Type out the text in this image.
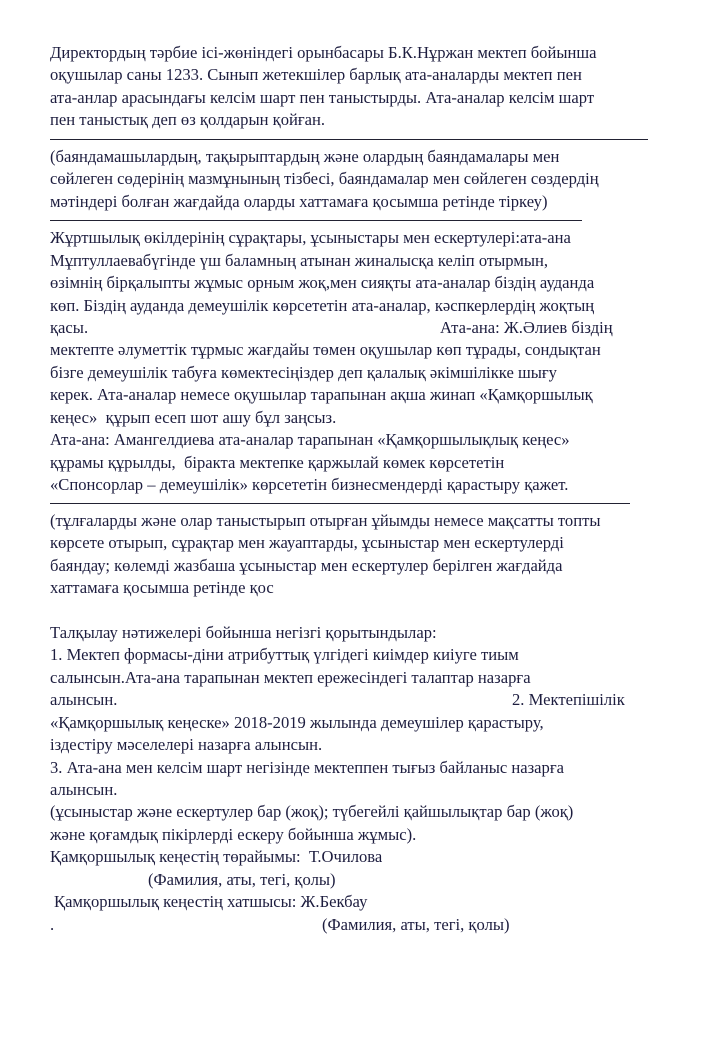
Директордың тәрбие ісі-жөніндегі орынбасары Б.К.Нұржан мектеп бойынша
оқушылар саны 1233. Сынып жетекшілер барлық ата-аналарды мектеп пен
ата-анлар арасындағы келсім шарт пен таныстырды. Ата-аналар келсім шарт
пен таныстық деп өз қолдарын қойған.
(баяндамашылардың, тақырыптардың және олардың баяндамалары мен
сөйлеген сөдерінің мазмұнының тізбесі, баяндамалар мен сөйлеген сөздердің
мәтіндері болған жағдайда оларды хаттамаға қосымша ретінде тіркеу)
Жұртшылық өкілдерінің сұрақтары, ұсыныстары мен ескертулері:ата-ана
Мұптуллаевабүгінде үш баламның атынан жиналысқа келіп отырмын,
өзімнің бірқалыпты жұмыс орным жоқ,мен сияқты ата-аналар біздің ауданда
көп. Біздің ауданда демеушілік көрсететін ата-аналар, кәспкерлердің жоқтың
қасы.	Ата-ана: Ж.Әлиев біздің
мектепте әлуметтік тұрмыс жағдайы төмен оқушылар көп тұрады, сондықтан
бізге демеушілік табуға көмектесіңіздер деп қалалық әкімшілікке шығу
керек. Ата-аналар немесе оқушылар тарапынан ақша жинап «Қамқоршылық
кеңес»  құрып есеп шот ашу бұл заңсыз.
Ата-ана: Амангелдиева ата-аналар тарапынан «Қамқоршылықлық кеңес»
құрамы құрылды,  біракта мектепке қаржылай көмек көрсететін
«Спонсорлар – демеушілік» көрсететін бизнесмендерді қарастыру қажет.
(тұлғаларды және олар таныстырып отырған ұйымды немесе мақсатты топты
көрсете отырып, сұрақтар мен жауаптарды, ұсыныстар мен ескертулерді
баяндау; көлемді жазбаша ұсыныстар мен ескертулер берілген жағдайда
хаттамаға қосымша ретінде қос
Талқылау нәтижелері бойынша негізгі қорытындылар:
1. Мектеп формасы-діни атрибуттық үлгідегі киімдер киіуге тиым
салынсын.Ата-ана тарапынан мектеп ережесіндегі талаптар назарға
алынсын.	2. Мектепішілік
«Қамқоршылық кеңеске» 2018-2019 жылында демеушілер қарастыру,
іздестіру мәселелері назарға алынсын.
3. Ата-ана мен келсім шарт негізінде мектеппен тығыз байланыс назарға
алынсын.
(ұсыныстар және ескертулер бар (жоқ); түбегейлі қайшылықтар бар (жоқ)
және қоғамдық пікірлерді ескеру бойынша жұмыс).
Қамқоршылық кеңестің төрайымы:  Т.Очилова
(Фамилия, аты, тегі, қолы)
Қамқоршылық кеңестің хатшысы: Ж.Бекбау
.	(Фамилия, аты, тегі, қолы)
